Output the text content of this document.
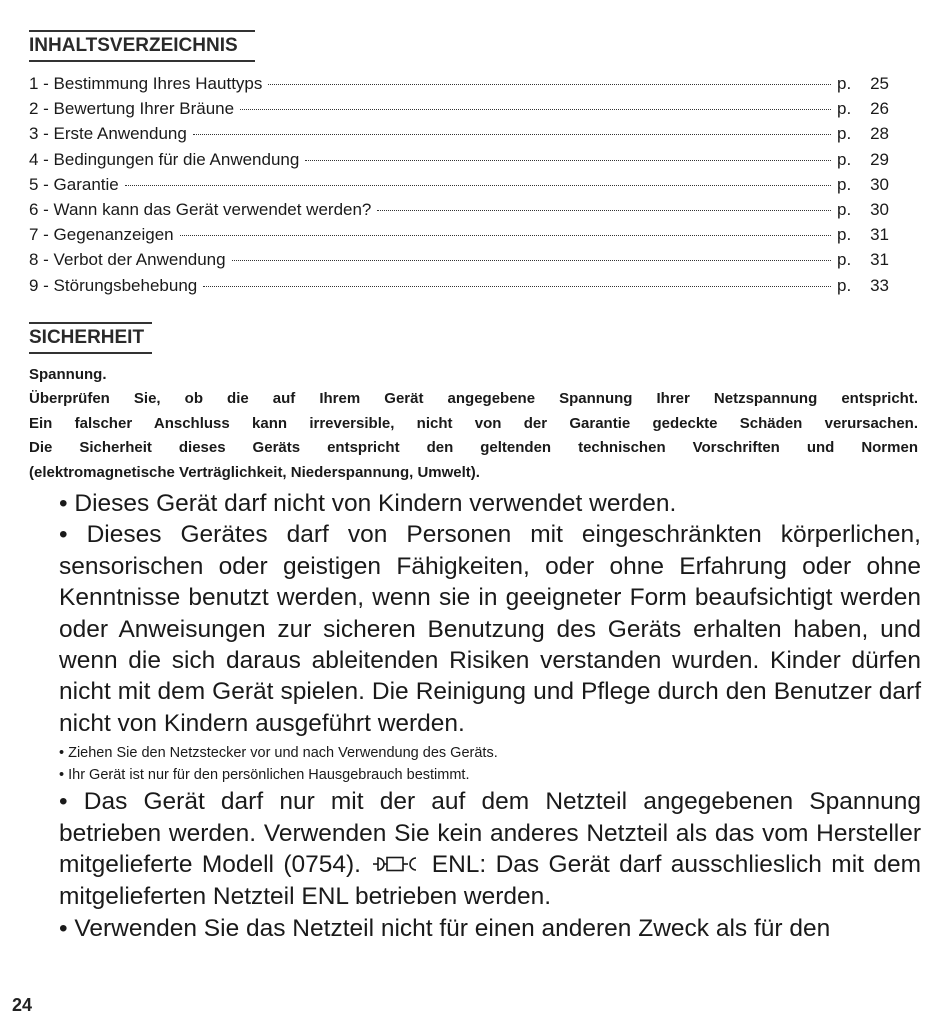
INHALTSVERZEICHNIS
1 - Bestimmung Ihres Hauttyps	p.	25
2 - Bewertung Ihrer Bräune	p.	26
3 - Erste Anwendung	p.	28
4 - Bedingungen für die Anwendung	p.	29
5 - Garantie	p.	30
6 - Wann kann das Gerät verwendet werden?	p.	30
7 - Gegenanzeigen	p.	31
8 - Verbot der Anwendung	p.	31
9 - Störungsbehebung	p.	33
SICHERHEIT
Spannung.
Überprüfen Sie, ob die auf Ihrem Gerät angegebene Spannung Ihrer Netzspannung entspricht.
Ein falscher Anschluss kann irreversible, nicht von der Garantie gedeckte Schäden verursachen.
Die Sicherheit dieses Geräts entspricht den geltenden technischen Vorschriften und Normen
(elektromagnetische Verträglichkeit, Niederspannung, Umwelt).
• Dieses Gerät darf nicht von Kindern verwendet werden.
• Dieses Gerätes darf von Personen mit eingeschränkten körperlichen, sensorischen oder geistigen Fähigkeiten, oder ohne Erfahrung oder ohne Kenntnisse benutzt werden, wenn sie in geeigneter Form beaufsichtigt werden oder Anweisungen zur sicheren Benutzung des Geräts erhalten haben, und wenn die sich daraus ableitenden Risiken verstanden wurden. Kinder dürfen nicht mit dem Gerät spielen. Die Reinigung und Pflege durch den Benutzer darf nicht von Kindern ausgeführt werden.
• Ziehen Sie den Netzstecker vor und nach Verwendung des Geräts.
• Ihr Gerät ist nur für den persönlichen Hausgebrauch bestimmt.
• Das Gerät darf nur mit der auf dem Netzteil angegebenen Spannung betrieben werden. Verwenden Sie kein anderes Netzteil als das vom Hersteller mitgelieferte Modell (0754).	ENL: Das Gerät darf ausschlieslich mit dem mitgelieferten Netzteil ENL betrieben werden.
• Verwenden Sie das Netzteil nicht für einen anderen Zweck als für den
24
